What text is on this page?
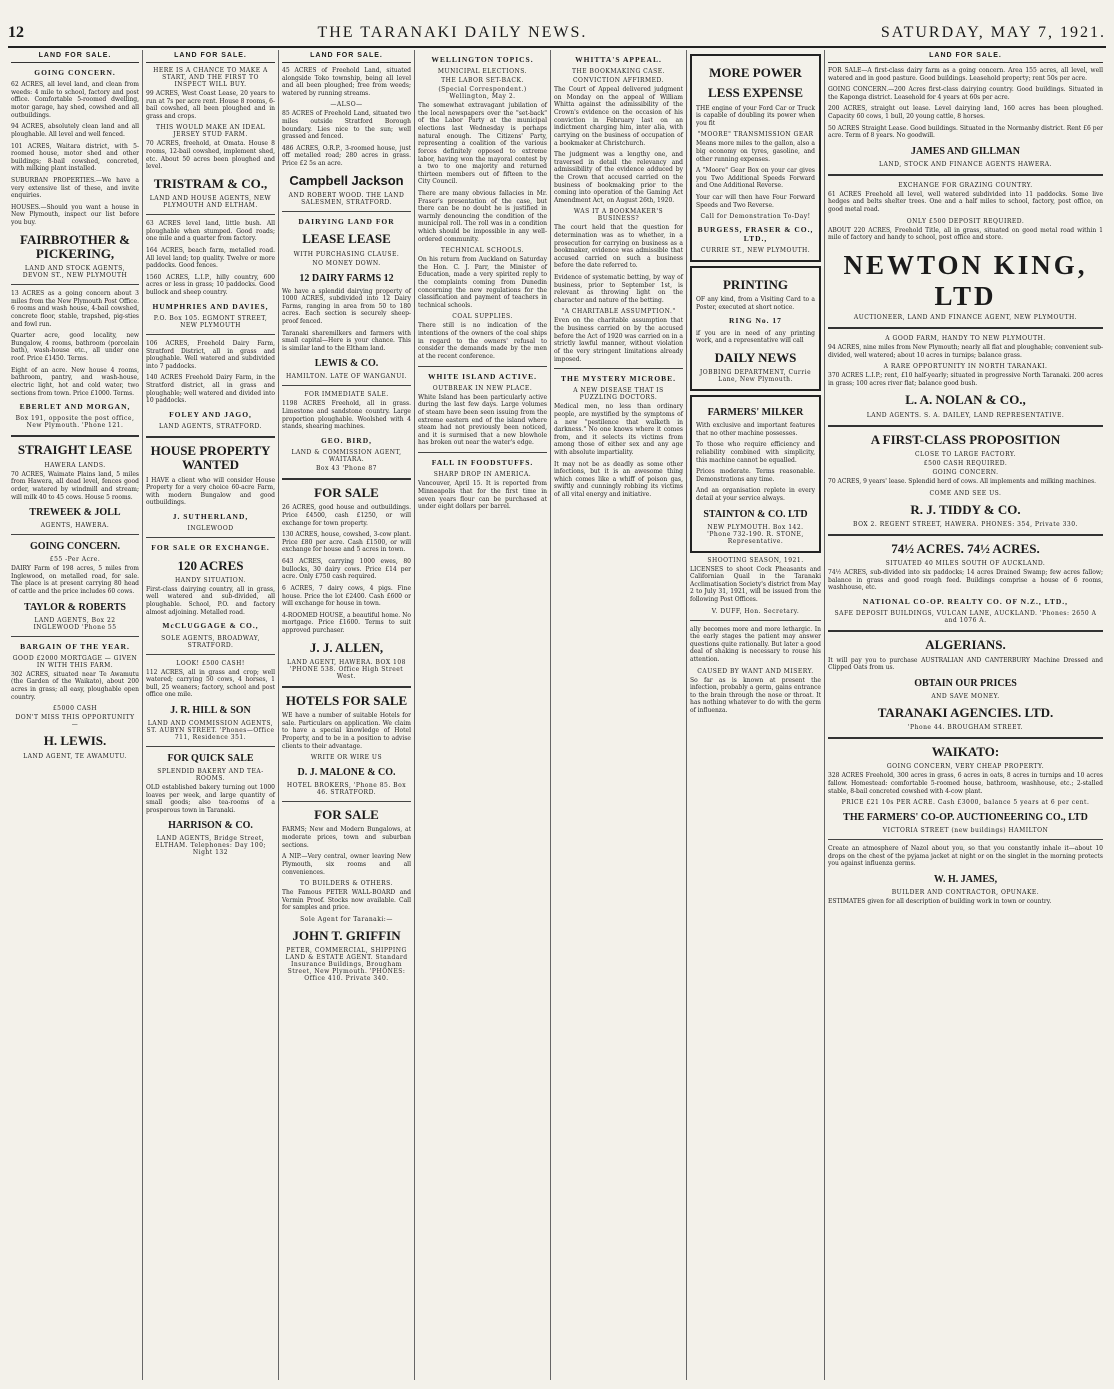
12	THE TARANAKI DAILY NEWS.	SATURDAY, MAY 7, 1921.
LAND FOR SALE.
GOING CONCERN.

62 ACRES, all level land, and clean from weeds: 4 mile to school, factory and post office. Comfortable 5-roomed dwelling, motor garage, hay shed, cowshed and all outbuildings.

94 ACRES, absolutely clean land and all ploughable. All level and well fenced.

101 ACRES, Waitara district, with 5-roomed house, motor shed and other buildings; 8-bail cowshed, concreted, with milking plant installed.

SUBURBAN PROPERTIES.—We have a very extensive list of these, and invite enquiries.

HOUSES.—Should you want a house in New Plymouth, inspect our list before you buy.

FAIRBROTHER & PICKERING,
LAND AND STOCK AGENTS, DEVON ST., NEW PLYMOUTH

13 ACRES as a going concern about 3 miles from the New Plymouth Post Office. 6 rooms and wash house, 4-bail cowshed, concrete floor, stable, trapshed, pig-sties and fowl run.

Quarter acre, good locality, new Bungalow, 4 rooms, bathroom (porcelain bath), wash-house etc., all under one roof. Price £1450. Terms.

Eight of an acre. New house 4 rooms, bathroom, pantry, and wash-house, electric light, hot and cold water, two sections from town. Price £1000. Terms.

EBERLET AND MORGAN,
Box 191, opposite the post office, New Plymouth. 'Phone 121.
STRAIGHT LEASE
HAWERA LANDS.

70 ACRES, Waimate Plains land, 5 miles from Hawera, all dead level, fences good order, watered by windmill and stream; will milk 40 to 45 cows. House 5 rooms.

TREWEEK & JOLL
AGENTS, HAWERA.
GOING CONCERN.
£55 -Per Acre.

DAIRY Farm of 198 acres, 5 miles from Inglewood, on metalled road, for sale. The place is at present carrying 80 head of cattle and the price includes 60 cows.

TAYLOR & ROBERTS
LAND AGENTS, Box 22 INGLEWOOD 'Phone 55
BARGAIN OF THE YEAR.
GOOD £2000 MORTGAGE — GIVEN IN WITH THIS FARM.

302 ACRES, situated near Te Awamutu (the Garden of the Waikato), about 200 acres in grass; all easy, ploughable open country.

£5000 CASH
DON'T MISS THIS OPPORTUNITY —
H. LEWIS.
LAND AGENT, TE AWAMUTU.
LAND FOR SALE.
HERE IS A CHANCE TO MAKE A START, AND THE FIRST TO INSPECT WILL BUY.

99 ACRES, West Coast Lease, 20 years to run at 7s per acre rent. House 8 rooms, 6-bail cowshed, all been ploughed and in grass and crops.

THIS WOULD MAKE AN IDEAL JERSEY STUD FARM.

70 ACRES, freehold, at Omata. House 8 rooms, 12-bail cowshed, implement shed, etc. About 50 acres been ploughed and level.

TRISTRAM & CO.,
LAND AND HOUSE AGENTS, NEW PLYMOUTH AND ELTHAM.

63 ACRES level land, little bush. All ploughable when stumped. Good roads; one mile and a quarter from factory.

164 ACRES, beach farm, metalled road. All level land; top quality. Twelve or more paddocks. Good fences.

1560 ACRES, L.I.P., hilly country, 600 acres or less in grass; 10 paddocks. Good bullock and sheep country.

HUMPHRIES AND DAVIES,
P.O. Box 105. EGMONT STREET, NEW PLYMOUTH

106 ACRES, Freehold Dairy Farm, Stratford District, all in grass and ploughable. Well watered and subdivided into 7 paddocks.

140 ACRES Freehold Dairy Farm, in the Stratford district, all in grass and ploughable; well watered and divided into 10 paddocks.

FOLEY AND JAGO,
LAND AGENTS, STRATFORD.
HOUSE PROPERTY WANTED

I HAVE a client who will consider House Property for a very choice 60-acre Farm, with modern Bungalow and good outbuildings.

J. SUTHERLAND,
INGLEWOOD
FOR SALE OR EXCHANGE.
120 ACRES
HANDY SITUATION.

First-class dairying country, all in grass, well watered and sub-divided, all ploughable. School, P.O. and factory almost adjoining. Metalled road.

McCLUGGAGE & CO.,
SOLE AGENTS, BROADWAY, STRATFORD.
LOOK! £500 CASH!

112 ACRES, all in grass and crop; well watered; carrying 50 cows, 4 horses, 1 bull, 25 weaners; factory, school and post office one mile.

J. R. HILL & SON
LAND AND COMMISSION AGENTS, ST. AUBYN STREET. 'Phones—Office 711, Residence 351.
FOR QUICK SALE
SPLENDID BAKERY AND TEA-ROOMS.

OLD established bakery turning out 1000 loaves per week, and large quantity of small goods; also tea-rooms of a prosperous town in Taranaki.

HARRISON & CO.
LAND AGENTS, Bridge Street, ELTHAM. Telephones: Day 100; Night 132
LAND FOR SALE.

45 ACRES of Freehold Land, situated alongside Toko township, being all level and all been ploughed; free from weeds; watered by running streams.

—ALSO—

85 ACRES of Freehold Land, situated two miles outside Stratford Borough boundary. Lies nice to the sun; well grassed and fenced.

486 ACRES, O.R.P., 3-roomed house, just off metalled road; 280 acres in grass. Price £2 5s an acre.

Campbell Jackson
AND ROBERT WOOD. THE LAND SALESMEN, STRATFORD.
DAIRYING LAND FOR
LEASE LEASE
WITH PURCHASING CLAUSE.
NO MONEY DOWN.
12 DAIRY FARMS 12

We have a splendid dairying property of 1000 ACRES, subdivided into 12 Dairy Farms, ranging in area from 50 to 180 acres. Each section is securely sheep-proof fenced.

Taranaki sharemilkers and farmers with small capital—Here is your chance. This is similar land to the Eltham land.

LEWIS & CO.
HAMILTON. LATE OF WANGANUI.
FOR IMMEDIATE SALE.

1198 ACRES Freehold, all in grass. Limestone and sandstone country. Large proportion ploughable. Woolshed with 4 stands, shearing machines.

GEO. BIRD,
LAND & COMMISSION AGENT, WAITARA.
Box 43 'Phone 87
FOR SALE

26 ACRES, good house and outbuildings. Price £4500, cash £1250, or will exchange for town property.

130 ACRES, house, cowshed, 3-cow plant. Price £80 per acre. Cash £1500, or will exchange for house and 5 acres in town.

643 ACRES, carrying 1000 ewes, 80 bullocks, 30 dairy cows. Price £14 per acre. Only £750 cash required.

6 ACRES, 7 dairy cows, 4 pigs. Fine house. Price the lot £2400. Cash £600 or will exchange for house in town.

4-ROOMED HOUSE, a beautiful home. No mortgage. Price £1600. Terms to suit approved purchaser.

J. J. ALLEN,
LAND AGENT, HAWERA. BOX 108 'PHONE 538. Office High Street West.
HOTELS FOR SALE

WE have a number of suitable Hotels for sale. Particulars on application. We claim to have a special knowledge of Hotel Property, and to be in a position to advise clients to their advantage.

WRITE OR WIRE US
D. J. MALONE & CO.
HOTEL BROKERS, 'Phone 85. Box 46. STRATFORD.
FOR SALE

FARMS; New and Modern Bungalows, at moderate prices, town and suburban sections.

A NIP.—Very central, owner leaving New Plymouth, six rooms and all conveniences.

TO BUILDERS & OTHERS.

The Famous PETER WALL-BOARD and Vermin Proof. Stocks now available. Call for samples and price.

Sole Agent for Taranaki:—
JOHN T. GRIFFIN
PETER, COMMERCIAL, SHIPPING LAND & ESTATE AGENT. Standard Insurance Buildings, Brougham Street, New Plymouth. 'PHONES: Office 410. Private 340.
WELLINGTON TOPICS.
MUNICIPAL ELECTIONS.
THE LABOR SET-BACK.
(Special Correspondent.) Wellington, May 2.

The somewhat extravagant jubilation of the local newspapers over the "set-back" of the Labor Party at the municipal elections last Wednesday is perhaps natural enough. The Citizens' Party, representing a coalition of the various forces definitely opposed to extreme labor, having won the mayoral contest by a two to one majority and returned thirteen members out of fifteen to the City Council.

There are many obvious fallacies in Mr. Fraser's presentation of the case, but there can be no doubt he is justified in warmly denouncing the condition of the municipal roll. The roll was in a condition which should be impossible in any well-ordered community.

TECHNICAL SCHOOLS.

On his return from Auckland on Saturday the Hon. C. J. Parr, the Minister of Education, made a very spirited reply to the complaints coming from Dunedin concerning the new regulations for the classification and payment of teachers in technical schools.

COAL SUPPLIES.

There still is no indication of the intentions of the owners of the coal ships in regard to the owners' refusal to consider the demands made by the men at the recent conference.

WHITE ISLAND ACTIVE.
OUTBREAK IN NEW PLACE.

White Island has been particularly active during the last few days. Large volumes of steam have been seen issuing from the extreme eastern end of the island where steam had not previously been noticed, and it is surmised that a new blowhole has broken out near the water's edge.

FALL IN FOODSTUFFS.
SHARP DROP IN AMERICA.

Vancouver, April 15. It is reported from Minneapolis that for the first time in seven years flour can be purchased at under eight dollars per barrel.

WHITTA'S APPEAL.
THE BOOKMAKING CASE.
CONVICTION AFFIRMED.

The Court of Appeal delivered judgment on Monday on the appeal of William Whitta against the admissibility of the Crown's evidence on the occasion of his conviction in February last on an indictment charging him, inter alia, with carrying on the business of occupation of a bookmaker at Christchurch.

The judgment was a lengthy one, and traversed in detail the relevancy and admissibility of the evidence adduced by the Crown that accused carried on the business of bookmaking prior to the coming into operation of the Gaming Act Amendment Act, on August 26th, 1920.

WAS IT A BOOKMAKER'S BUSINESS?

The court held that the question for determination was as to whether, in a prosecution for carrying on business as a bookmaker, evidence was admissible that accused carried on such a business before the date referred to.

Evidence of systematic betting, by way of business, prior to September 1st, is relevant as throwing light on the character and nature of the betting.

"A CHARITABLE ASSUMPTION."

Even on the charitable assumption that the business carried on by the accused before the Act of 1920 was carried on in a strictly lawful manner, without violation of the very stringent limitations already imposed.

THE MYSTERY MICROBE.
A NEW DISEASE THAT IS PUZZLING DOCTORS.

Medical men, no less than ordinary people, are mystified by the symptoms of a new "pestilence that walketh in darkness." No one knows where it comes from, and it selects its victims from among those of either sex and any age with absolute impartiality.

It may not be as deadly as some other infections, but it is an awesome thing which comes like a whiff of poison gas, swiftly and cunningly robbing its victims of all vital energy and initiative.

MORE POWER
LESS EXPENSE

THE engine of your Ford Car or Truck is capable of doubling its power when you fit

"MOORE" TRANSMISSION GEAR

Means more miles to the gallon, also a big economy on tyres, gasoline, and other running expenses.

A "Moore" Gear Box on your car gives you Two Additional Speeds Forward and One Additional Reverse.

Your car will then have Four Forward Speeds and Two Reverse.

Call for Demonstration To-Day!
BURGESS, FRASER & CO., LTD.,
CURRIE ST., NEW PLYMOUTH.
PRINTING

OF any kind, from a Visiting Card to a Poster, executed at short notice.

RING No. 17

if you are in need of any printing work, and a representative will call

DAILY NEWS
JOBBING DEPARTMENT, Currie Lane, New Plymouth.
FARMERS' MILKER

With exclusive and important features that no other machine possesses.

To those who require efficiency and reliability combined with simplicity, this machine cannot be equalled.

Prices moderate. Terms reasonable. Demonstrations any time.

And an organisation replete in every detail at your service always.

STAINTON & CO. LTD
NEW PLYMOUTH. Box 142. 'Phone 732-190. R. STONE, Representative.
SHOOTING SEASON, 1921.

LICENSES to shoot Cock Pheasants and Californian Quail in the Taranaki Acclimatisation Society's district from May 2 to July 31, 1921, will be issued from the following Post Offices.

V. DUFF, Hon. Secretary.

ally becomes more and more lethargic. In the early stages the patient may answer questions quite rationally. But later a good deal of shaking is necessary to rouse his attention.

CAUSED BY WANT AND MISERY.

So far as is known at present the infection, probably a germ, gains entrance to the brain through the nose or throat. It has nothing whatever to do with the germ of influenza.

LAND FOR SALE.

FOR SALE—A first-class dairy farm as a going concern. Area 155 acres, all level, well watered and in good pasture. Good buildings. Leasehold property; rent 50s per acre.

GOING CONCERN.—200 Acres first-class dairying country. Good buildings. Situated in the Kaponga district. Leasehold for 4 years at 60s per acre.

200 ACRES, straight out lease. Level dairying land, 160 acres has been ploughed. Capacity 60 cows, 1 bull, 20 young cattle, 8 horses.

50 ACRES Straight Lease. Good buildings. Situated in the Normanby district. Rent £6 per acre. Term of 8 years. No goodwill.

JAMES AND GILLMAN
LAND, STOCK AND FINANCE AGENTS HAWERA.
EXCHANGE FOR GRAZING COUNTRY.

61 ACRES Freehold all level, well watered subdivided into 11 paddocks. Some live hedges and belts shelter trees. One and a half miles to school, factory, post office, on good metal road.

ONLY £500 DEPOSIT REQUIRED.

ABOUT 220 ACRES, Freehold Title, all in grass, situated on good metal road within 1 mile of factory and handy to school, post office and store.

NEWTON KING, LTD
AUCTIONEER, LAND AND FINANCE AGENT, NEW PLYMOUTH.
A GOOD FARM, HANDY TO NEW PLYMOUTH.

94 ACRES, nine miles from New Plymouth; nearly all flat and ploughable; convenient sub-divided, well watered; about 10 acres in turnips; balance grass.

A RARE OPPORTUNITY IN NORTH TARANAKI.

370 ACRES L.I.P.; rent, £10 half-yearly; situated in progressive North Taranaki. 200 acres in grass; 100 acres river flat; balance good bush.

L. A. NOLAN & CO.,
LAND AGENTS. S. A. DAILEY, LAND REPRESENTATIVE.
A FIRST-CLASS PROPOSITION
CLOSE TO LARGE FACTORY.
£500 CASH REQUIRED.
GOING CONCERN.

70 ACRES, 9 years' lease. Splendid herd of cows. All implements and milking machines.

COME AND SEE US.
R. J. TIDDY & CO.
BOX 2. REGENT STREET, HAWERA. PHONES: 354, Private 330.
74½ ACRES. 74½ ACRES.
SITUATED 40 MILES SOUTH OF AUCKLAND.

74½ ACRES, sub-divided into six paddocks; 14 acres Drained Swamp; few acres fallow; balance in grass and good rough feed. Buildings comprise a house of 6 rooms, washhouse, etc.

NATIONAL CO-OP. REALTY CO. OF N.Z., LTD.,
SAFE DEPOSIT BUILDINGS, VULCAN LANE, AUCKLAND. 'Phones: 2650 A and 1076 A.
ALGERIANS.

It will pay you to purchase AUSTRALIAN AND CANTERBURY Machine Dressed and Clipped Oats from us.

OBTAIN OUR PRICES
AND SAVE MONEY.
TARANAKI AGENCIES. LTD.
'Phone 44. BROUGHAM STREET.
WAIKATO:
GOING CONCERN, VERY CHEAP PROPERTY.

328 ACRES Freehold, 300 acres in grass, 6 acres in oats, 8 acres in turnips and 10 acres fallow. Homestead: comfortable 5-roomed house, bathroom, washhouse, etc.; 2-stalled stable, 8-bail concreted cowshed with 4-cow plant.

PRICE £21 10s PER ACRE. Cash £3000, balance 5 years at 6 per cent.
THE FARMERS' CO-OP. AUCTIONEERING CO., LTD
VICTORIA STREET (new buildings) HAMILTON

Create an atmosphere of Nazol about you, so that you constantly inhale it—about 10 drops on the chest of the pyjama jacket at night or on the singlet in the morning protects you against influenza germs.

W. H. JAMES,
BUILDER AND CONTRACTOR, OPUNAKE.

ESTIMATES given for all description of building work in town or country.
